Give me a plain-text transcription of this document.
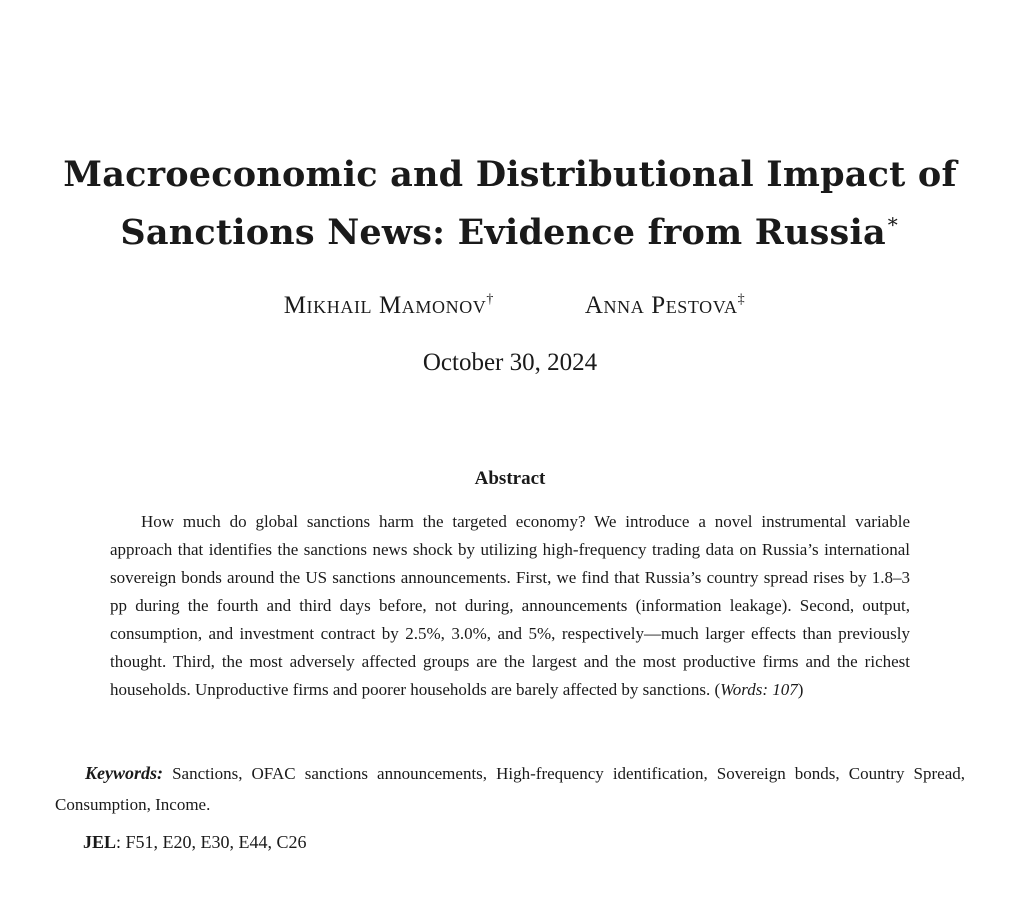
Macroeconomic and Distributional Impact of
Sanctions News: Evidence from Russia∗
Mikhail Mamonov†	Anna Pestova‡
October 30, 2024
Abstract
How much do global sanctions harm the targeted economy? We introduce a novel instrumental variable approach that identifies the sanctions news shock by utilizing high-frequency trading data on Russia’s international sovereign bonds around the US sanctions announcements. First, we find that Russia’s country spread rises by 1.8–3 pp during the fourth and third days before, not during, announcements (information leakage). Second, output, consumption, and investment contract by 2.5%, 3.0%, and 5%, respectively—much larger effects than previously thought. Third, the most adversely affected groups are the largest and the most productive firms and the richest households. Unproductive firms and poorer households are barely affected by sanctions. (Words: 107)
Keywords: Sanctions, OFAC sanctions announcements, High-frequency identification, Sovereign bonds, Country Spread, Consumption, Income.
JEL: F51, E20, E30, E44, C26
